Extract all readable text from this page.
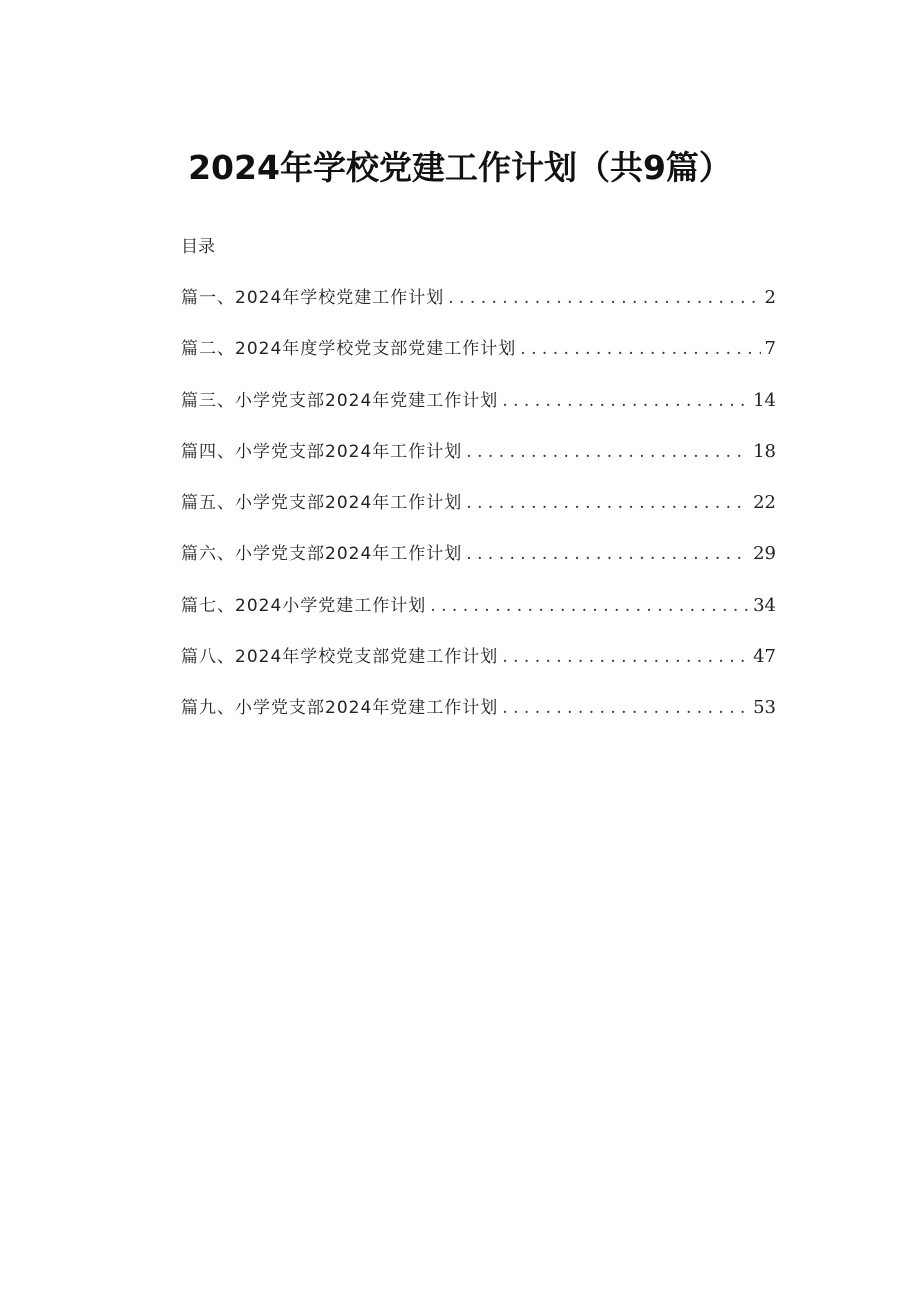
2024年学校党建工作计划（共9篇）
目录
篇一、2024年学校党建工作计划 . . .	2
篇二、2024年度学校党支部党建工作计划 . . .	7
篇三、小学党支部2024年党建工作计划 . . .	14
篇四、小学党支部2024年工作计划 . . .	18
篇五、小学党支部2024年工作计划 . . .	22
篇六、小学党支部2024年工作计划 . . .	29
篇七、2024小学党建工作计划 . . .	34
篇八、2024年学校党支部党建工作计划 . . .	47
篇九、小学党支部2024年党建工作计划 . . .	53
